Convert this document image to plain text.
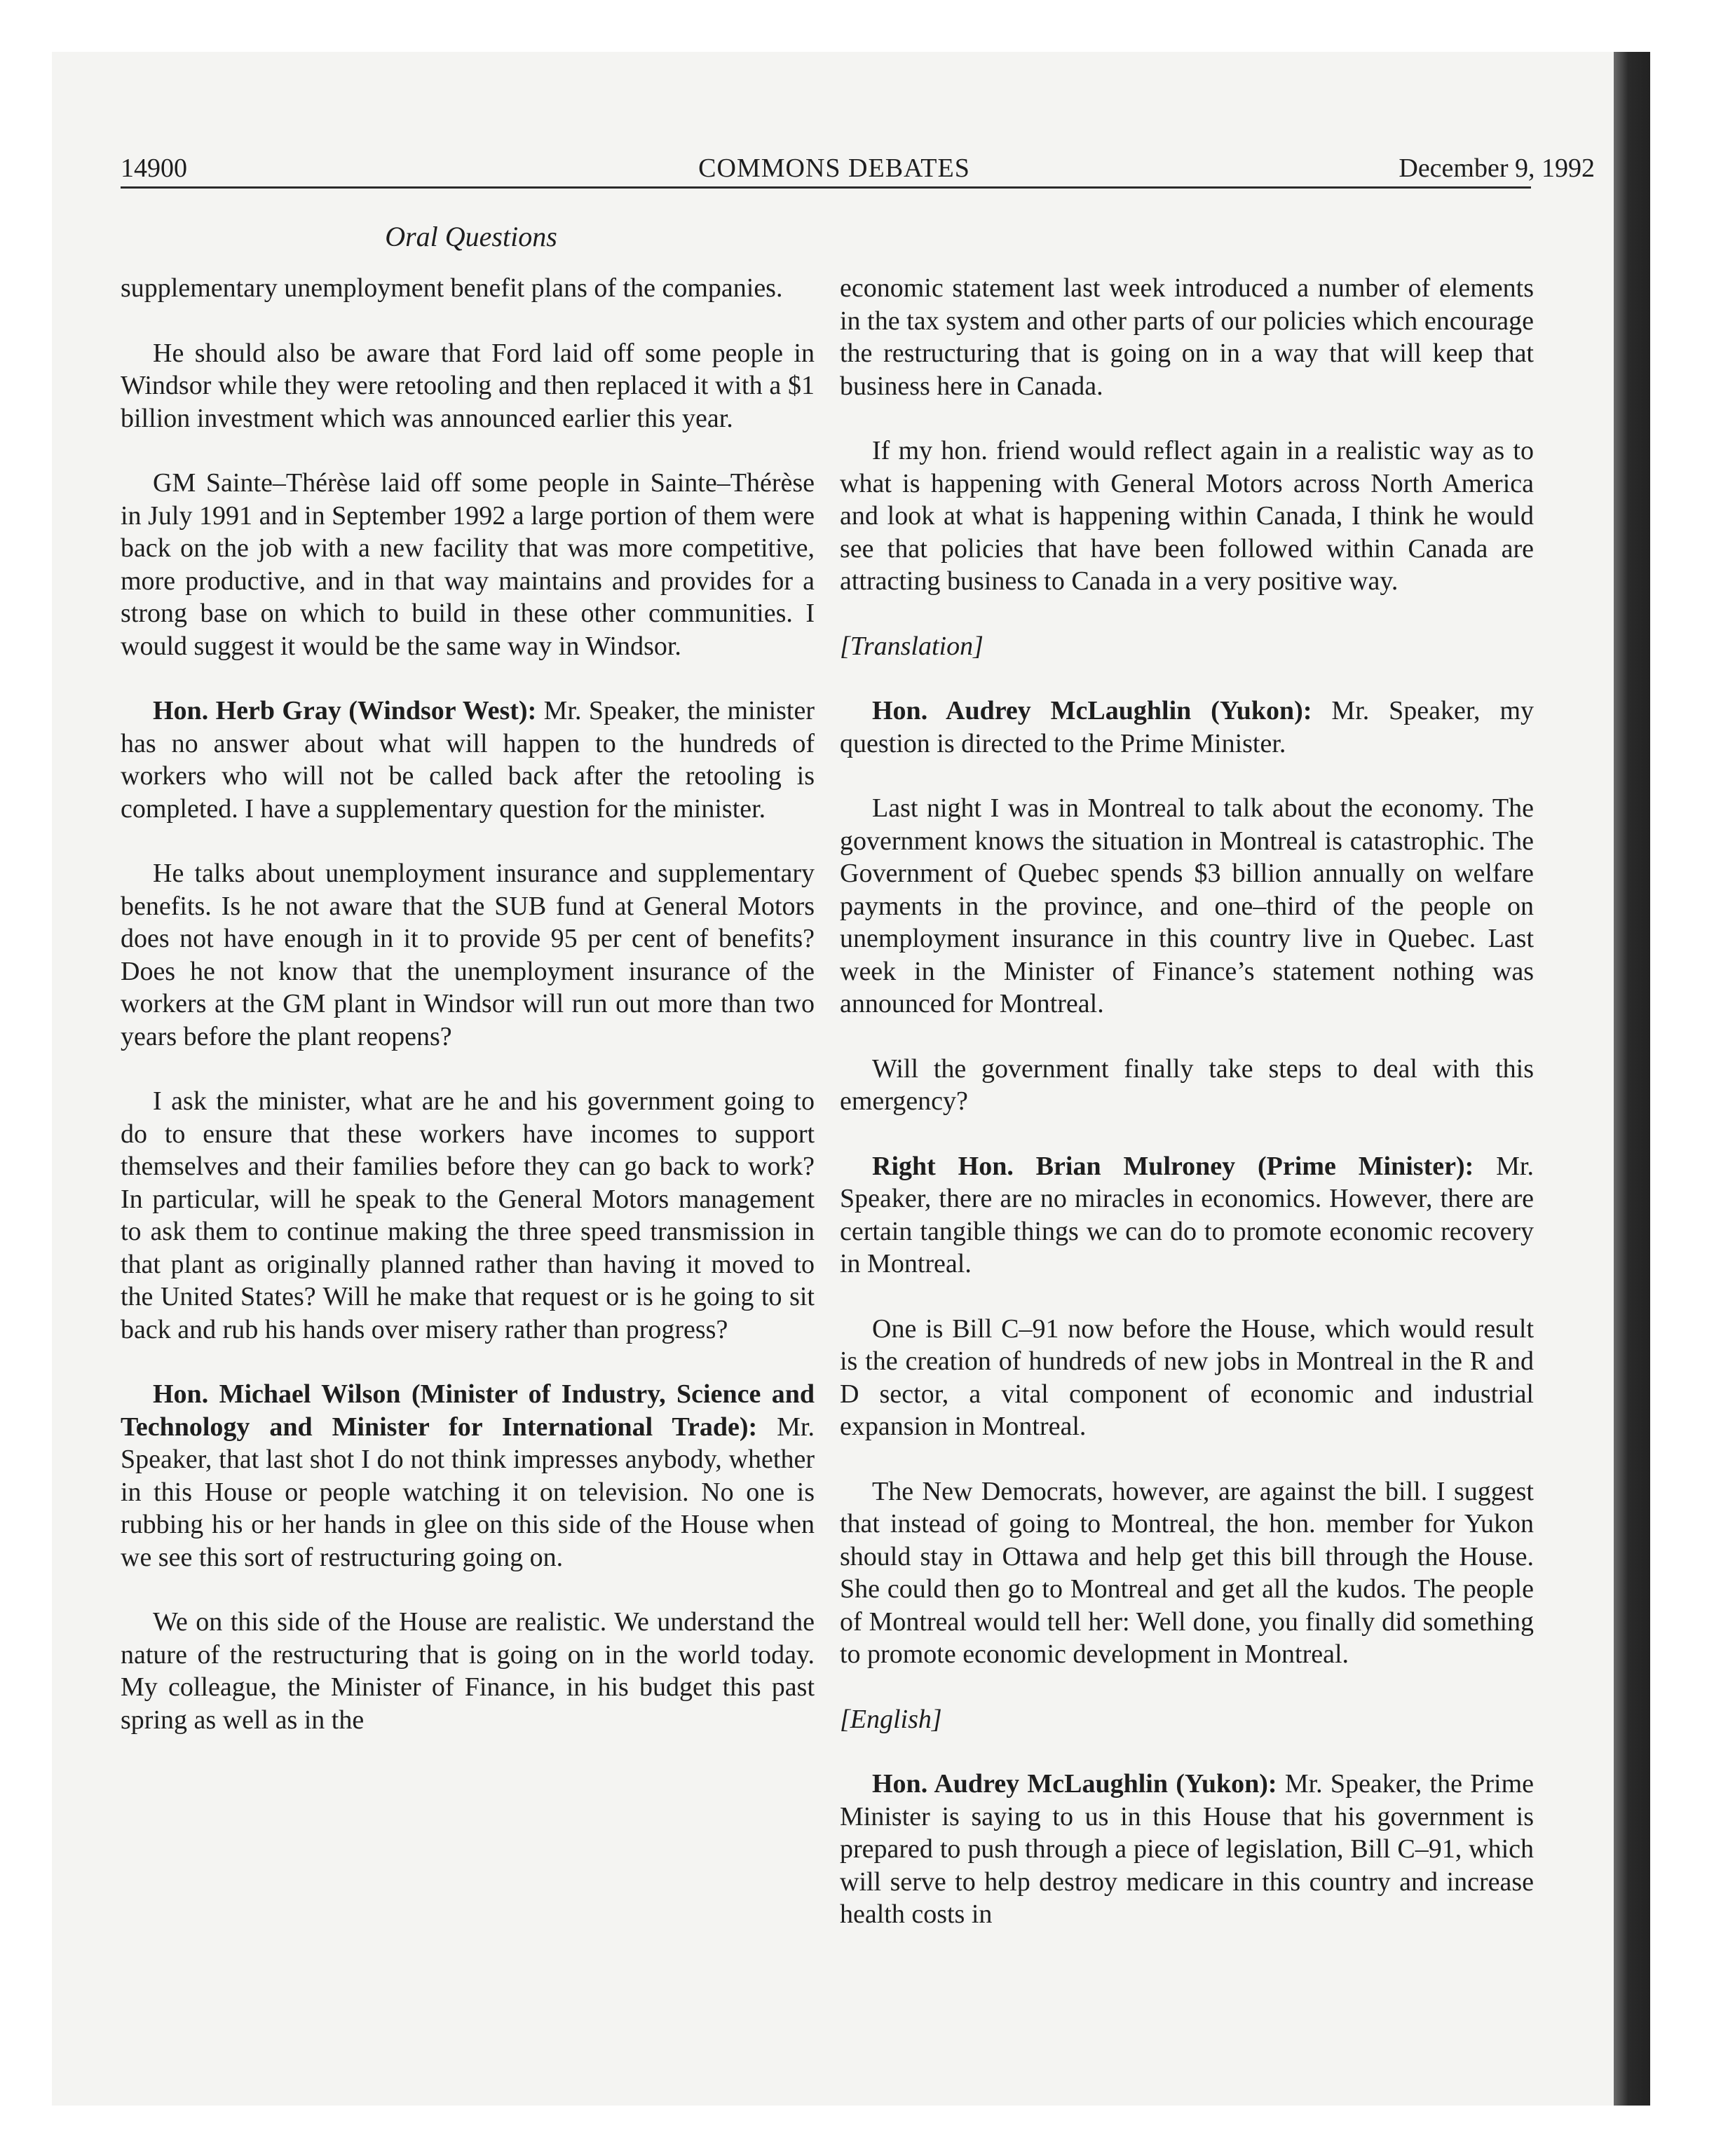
14900	COMMONS DEBATES	December 9, 1992
Oral Questions

supplementary unemployment benefit plans of the companies.

He should also be aware that Ford laid off some people in Windsor while they were retooling and then replaced it with a $1 billion investment which was announced earlier this year.

GM Sainte–Thérèse laid off some people in Sainte–Thérèse in July 1991 and in September 1992 a large portion of them were back on the job with a new facility that was more competitive, more productive, and in that way maintains and provides for a strong base on which to build in these other communities. I would suggest it would be the same way in Windsor.

Hon. Herb Gray (Windsor West): Mr. Speaker, the minister has no answer about what will happen to the hundreds of workers who will not be called back after the retooling is completed. I have a supplementary question for the minister.

He talks about unemployment insurance and supplementary benefits. Is he not aware that the SUB fund at General Motors does not have enough in it to provide 95 per cent of benefits? Does he not know that the unemployment insurance of the workers at the GM plant in Windsor will run out more than two years before the plant reopens?

I ask the minister, what are he and his government going to do to ensure that these workers have incomes to support themselves and their families before they can go back to work? In particular, will he speak to the General Motors management to ask them to continue making the three speed transmission in that plant as originally planned rather than having it moved to the United States? Will he make that request or is he going to sit back and rub his hands over misery rather than progress?

Hon. Michael Wilson (Minister of Industry, Science and Technology and Minister for International Trade): Mr. Speaker, that last shot I do not think impresses anybody, whether in this House or people watching it on television. No one is rubbing his or her hands in glee on this side of the House when we see this sort of restructuring going on.

We on this side of the House are realistic. We understand the nature of the restructuring that is going on in the world today. My colleague, the Minister of Finance, in his budget this past spring as well as in the

economic statement last week introduced a number of elements in the tax system and other parts of our policies which encourage the restructuring that is going on in a way that will keep that business here in Canada.

If my hon. friend would reflect again in a realistic way as to what is happening with General Motors across North America and look at what is happening within Canada, I think he would see that policies that have been followed within Canada are attracting business to Canada in a very positive way.

[Translation]

Hon. Audrey McLaughlin (Yukon): Mr. Speaker, my question is directed to the Prime Minister.

Last night I was in Montreal to talk about the economy. The government knows the situation in Montreal is catastrophic. The Government of Quebec spends $3 billion annually on welfare payments in the province, and one–third of the people on unemployment insurance in this country live in Quebec. Last week in the Minister of Finance’s statement nothing was announced for Montreal.

Will the government finally take steps to deal with this emergency?

Right Hon. Brian Mulroney (Prime Minister): Mr. Speaker, there are no miracles in economics. However, there are certain tangible things we can do to promote economic recovery in Montreal.

One is Bill C–91 now before the House, which would result is the creation of hundreds of new jobs in Montreal in the R and D sector, a vital component of economic and industrial expansion in Montreal.

The New Democrats, however, are against the bill. I suggest that instead of going to Montreal, the hon. member for Yukon should stay in Ottawa and help get this bill through the House. She could then go to Montreal and get all the kudos. The people of Montreal would tell her: Well done, you finally did something to promote economic development in Montreal.

[English]

Hon. Audrey McLaughlin (Yukon): Mr. Speaker, the Prime Minister is saying to us in this House that his government is prepared to push through a piece of legislation, Bill C–91, which will serve to help destroy medicare in this country and increase health costs in
